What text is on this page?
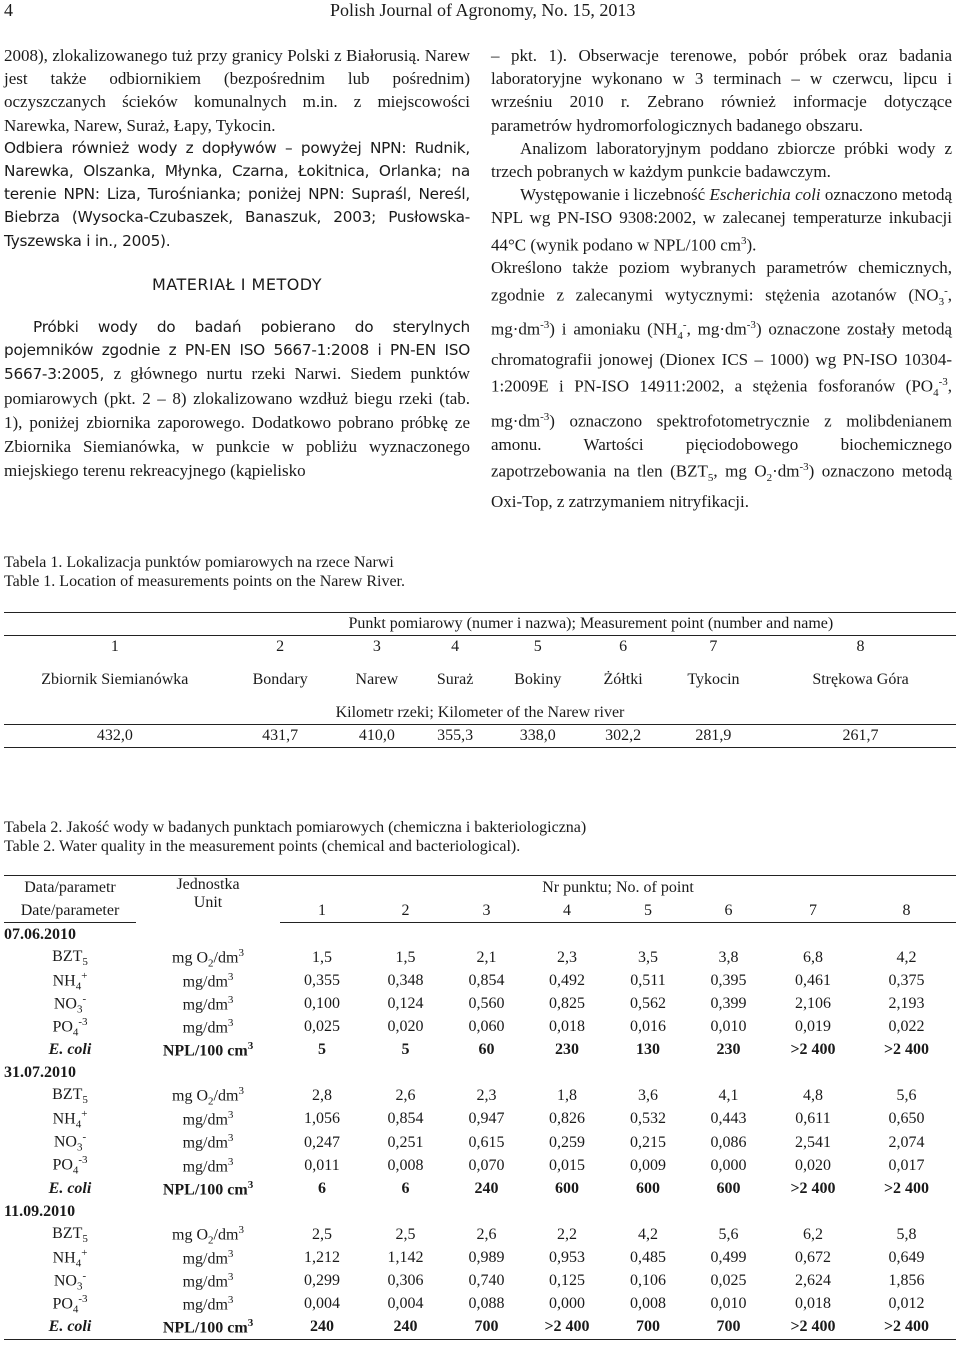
4	Polish Journal of Agronomy, No. 15, 2013

2008), zlokalizowanego tuż przy granicy Polski z Białorusią. Narew jest także odbiornikiem (bezpośrednim lub pośrednim) oczyszczanych ścieków komunalnych m.in. z miejscowości Narewka, Narew, Suraż, Łapy, Tykocin.

Odbiera również wody z dopływów – powyżej NPN: Rudnik, Narewka, Olszanka, Młynka, Czarna, Łokitnica, Orlanka; na terenie NPN: Liza, Turośnianka; poniżej NPN: Supraśl, Nereśl, Biebrza (Wysocka-Czubaszek, Banaszuk, 2003; Pusłowska-Tyszewska i in., 2005).

MATERIAŁ I METODY

Próbki wody do badań pobierano do sterylnych pojemników zgodnie z PN-EN ISO 5667-1:2008 i PN-EN ISO 5667-3:2005, z głównego nurtu rzeki Narwi. Siedem punktów pomiarowych (pkt. 2 – 8) zlokalizowano wzdłuż biegu rzeki (tab. 1), poniżej zbiornika zaporowego. Dodatkowo pobrano próbkę ze Zbiornika Siemianówka, w punkcie w pobliżu wyznaczonego miejskiego terenu rekreacyjnego (kąpielisko

– pkt. 1). Obserwacje terenowe, pobór próbek oraz badania laboratoryjne wykonano w 3 terminach – w czerwcu, lipcu i wrześniu 2010 r. Zebrano również informacje dotyczące parametrów hydromorfologicznych badanego obszaru.

Analizom laboratoryjnym poddano zbiorcze próbki wody z trzech pobranych w każdym punkcie badawczym.

Występowanie i liczebność Escherichia coli oznaczono metodą NPL wg PN-ISO 9308:2002, w zalecanej temperaturze inkubacji 44°C (wynik podano w NPL/100 $cm^3$).

Określono także poziom wybranych parametrów chemicznych, zgodnie z zalecanymi wytycznymi: stężenia azotanów ($NO_3^-$, $mg\cdot dm^{-3}$) i amoniaku ($NH_4^-$, $mg\cdot dm^{-3}$) oznaczone zostały metodą chromatografii jonowej (Dionex ICS – 1000) wg PN-ISO 10304-1:2009E i PN-ISO 14911:2002, a stężenia fosforanów ($PO_4^{-3}$, $mg\cdot dm^{-3}$) oznaczono spektrofotometrycznie z molibdenianem amonu. Wartości pięciodobowego biochemicznego zapotrzebowania na tlen ($BZT_5$, mg $O_2\cdot dm^{-3}$) oznaczono metodą Oxi-Top, z zatrzymaniem nitryfikacji.

Tabela 1. Lokalizacja punktów pomiarowych na rzece Narwi
Table 1. Location of measurements points on the Narew River.
	Punkt pomiarowy (numer i nazwa); Measurement point (number and name)						
1	2	3	4	5	6	7	8
Zbiornik Siemianówka	Bondary	Narew	Suraż	Bokiny	Żółtki	Tykocin	Strękowa Góra
Kilometr rzeki; Kilometer of the Narew river							
432,0	431,7	410,0	355,3	338,0	302,2	281,9	261,7
Tabela 2. Jakość wody w badanych punktach pomiarowych (chemiczna i bakteriologiczna)
Table 2. Water quality in the measurement points (chemical and bacteriological).
Data/parametr	Jednostka
Unit	Nr punktu; No. of point							
Date/parameter		1	2	3	4	5	6	7	8
07.06.2010									
$BZT_5$	mg $O_2/dm^3$	1,5	1,5	2,1	2,3	3,5	3,8	6,8	4,2
$NH_4^+$	$mg/dm^3$	0,355	0,348	0,854	0,492	0,511	0,395	0,461	0,375
$NO_3^-$	$mg/dm^3$	0,100	0,124	0,560	0,825	0,562	0,399	2,106	2,193
$PO_4^{-3}$	$mg/dm^3$	0,025	0,020	0,060	0,018	0,016	0,010	0,019	0,022
E. coli	NPL/100 $cm^3$	5	5	60	230	130	230	>2 400	>2 400
31.07.2010									
$BZT_5$	mg $O_2/dm^3$	2,8	2,6	2,3	1,8	3,6	4,1	4,8	5,6
$NH_4^+$	$mg/dm^3$	1,056	0,854	0,947	0,826	0,532	0,443	0,611	0,650
$NO_3^-$	$mg/dm^3$	0,247	0,251	0,615	0,259	0,215	0,086	2,541	2,074
$PO_4^{-3}$	$mg/dm^3$	0,011	0,008	0,070	0,015	0,009	0,000	0,020	0,017
E. coli	NPL/100 $cm^3$	6	6	240	600	600	600	>2 400	>2 400
11.09.2010									
$BZT_5$	mg $O_2/dm^3$	2,5	2,5	2,6	2,2	4,2	5,6	6,2	5,8
$NH_4^+$	$mg/dm^3$	1,212	1,142	0,989	0,953	0,485	0,499	0,672	0,649
$NO_3^-$	$mg/dm^3$	0,299	0,306	0,740	0,125	0,106	0,025	2,624	1,856
$PO_4^{-3}$	$mg/dm^3$	0,004	0,004	0,088	0,000	0,008	0,010	0,018	0,012
E. coli	NPL/100 $cm^3$	240	240	700	>2 400	700	700	>2 400	>2 400
